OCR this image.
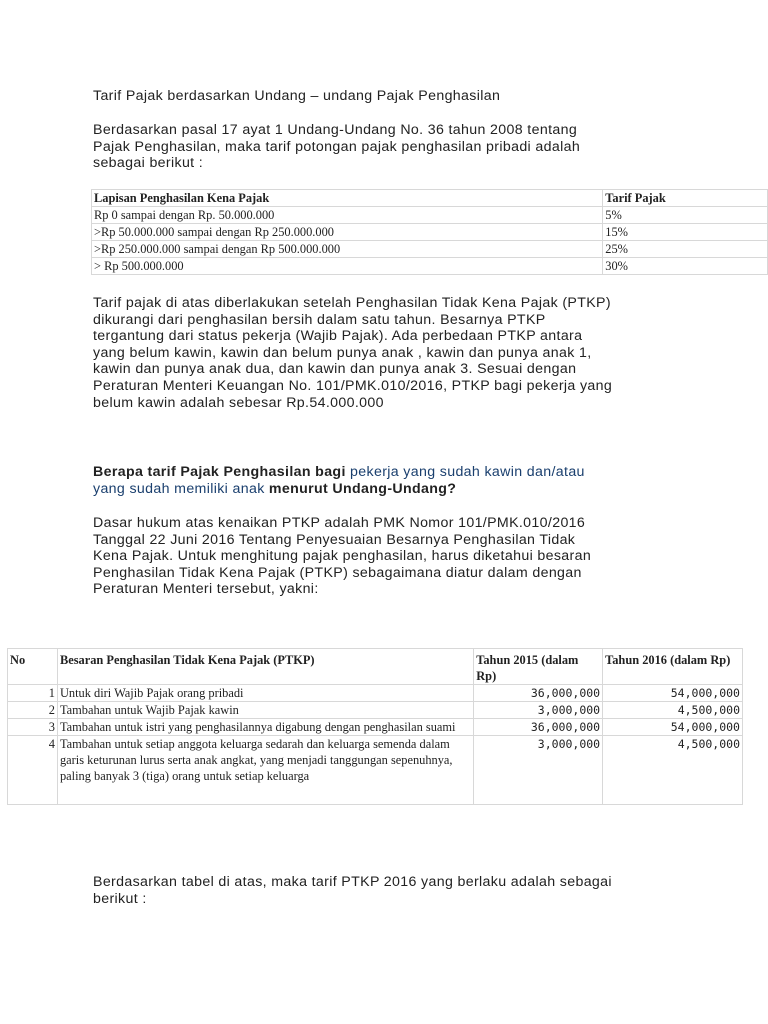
Tarif Pajak berdasarkan Undang – undang Pajak Penghasilan

Berdasarkan pasal 17 ayat 1 Undang-Undang No. 36 tahun 2008 tentang
Pajak Penghasilan, maka tarif potongan pajak penghasilan pribadi adalah
sebagai berikut :

Lapisan Penghasilan Kena Pajak	Tarif Pajak
Rp 0 sampai dengan Rp. 50.000.000	5%
>Rp 50.000.000 sampai dengan Rp 250.000.000	15%
>Rp 250.000.000 sampai dengan Rp 500.000.000	25%
> Rp 500.000.000	30%

Tarif pajak di atas diberlakukan setelah Penghasilan Tidak Kena Pajak (PTKP)
dikurangi dari penghasilan bersih dalam satu tahun. Besarnya PTKP
tergantung dari status pekerja (Wajib Pajak). Ada perbedaan PTKP antara
yang belum kawin, kawin dan belum punya anak , kawin dan punya anak 1,
kawin dan punya anak dua, dan kawin dan punya anak 3. Sesuai dengan
Peraturan Menteri Keuangan No. 101/PMK.010/2016, PTKP bagi pekerja yang
belum kawin adalah sebesar Rp.54.000.000

Berapa tarif Pajak Penghasilan bagi pekerja yang sudah kawin dan/atau
yang sudah memiliki anak menurut Undang-Undang?

Dasar hukum atas kenaikan PTKP adalah PMK Nomor 101/PMK.010/2016
Tanggal 22 Juni 2016 Tentang Penyesuaian Besarnya Penghasilan Tidak
Kena Pajak. Untuk menghitung pajak penghasilan, harus diketahui besaran
Penghasilan Tidak Kena Pajak (PTKP) sebagaimana diatur dalam dengan
Peraturan Menteri tersebut, yakni:

No	Besaran Penghasilan Tidak Kena Pajak (PTKP)	Tahun 2015 (dalam Rp)	Tahun 2016 (dalam Rp)
1	Untuk diri Wajib Pajak orang pribadi	36,000,000	54,000,000
2	Tambahan untuk Wajib Pajak kawin	3,000,000	4,500,000
3	Tambahan untuk istri yang penghasilannya digabung dengan penghasilan suami	36,000,000	54,000,000
4	Tambahan untuk setiap anggota keluarga sedarah dan keluarga semenda dalam garis keturunan lurus serta anak angkat, yang menjadi tanggungan sepenuhnya, paling banyak 3 (tiga) orang untuk setiap keluarga	3,000,000	4,500,000

Berdasarkan tabel di atas, maka tarif PTKP 2016 yang berlaku adalah sebagai
berikut :
